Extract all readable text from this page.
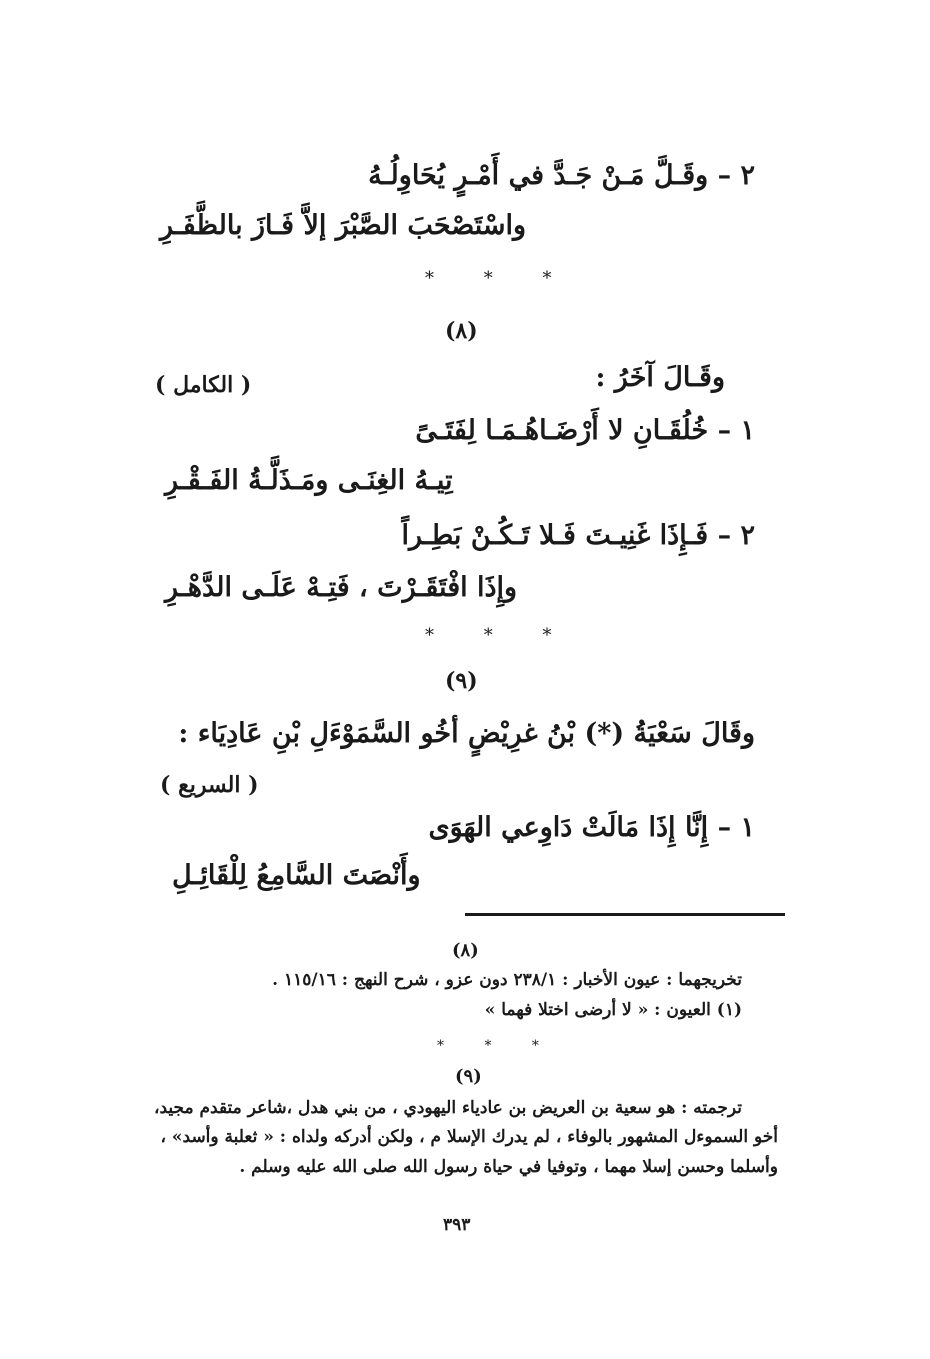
٢ – وقَـلَّ مَـنْ جَـدَّ في أَمْـرٍ يُحَاوِلُـهُ
واسْتَصْحَبَ الصَّبْرَ إلاَّ فَـازَ بالظَّفَـرِ
* * *
(٨)
وقَـالَ آخَرُ :
( الكامل )
١ – خُلُقَـانِ لا أَرْضَـاهُـمَـا لِفَتَـىً
تِيـهُ الغِنَـى ومَـذَلَّـةُ الفَـقْـرِ
٢ – فَـإِذَا غَنِيـتَ فَـلا تَـكُـنْ بَطِـراً
وإِذَا افْتَقَـرْتَ ، فَتِـهْ عَلَـى الدَّهْـرِ
* * *
(٩)
وقَالَ سَعْيَةُ (*) بْنُ غرِيْضٍ أخُو السَّمَوْءَلِ بْنِ عَادِيَاء :
( السريع )
١ – إِنَّا إِذَا مَالَتْ دَاوِعي الهَوَى
وأَنْصَتَ السَّامِعُ لِلْقَائِـلِ
(٨)
تخريجهما : عيون الأخبار : ٢٣٨/١ دون عزو ، شرح النهج : ١١٥/١٦ .
(١) العيون : « لا أرضى اختلا فهما »
* * *
(٩)
ترجمته : هو سعية بن العريض بن عادياء اليهودي ، من بني هدل ،شاعر متقدم مجيد،
أخو السموءل المشهور بالوفاء ، لم يدرك الإسلا م ، ولكن أدركه ولداه : « ثعلبة وأسد» ،
وأسلما وحسن إسلا مهما ، وتوفيا في حياة رسول الله صلى الله عليه وسلم .
٣٩٣
